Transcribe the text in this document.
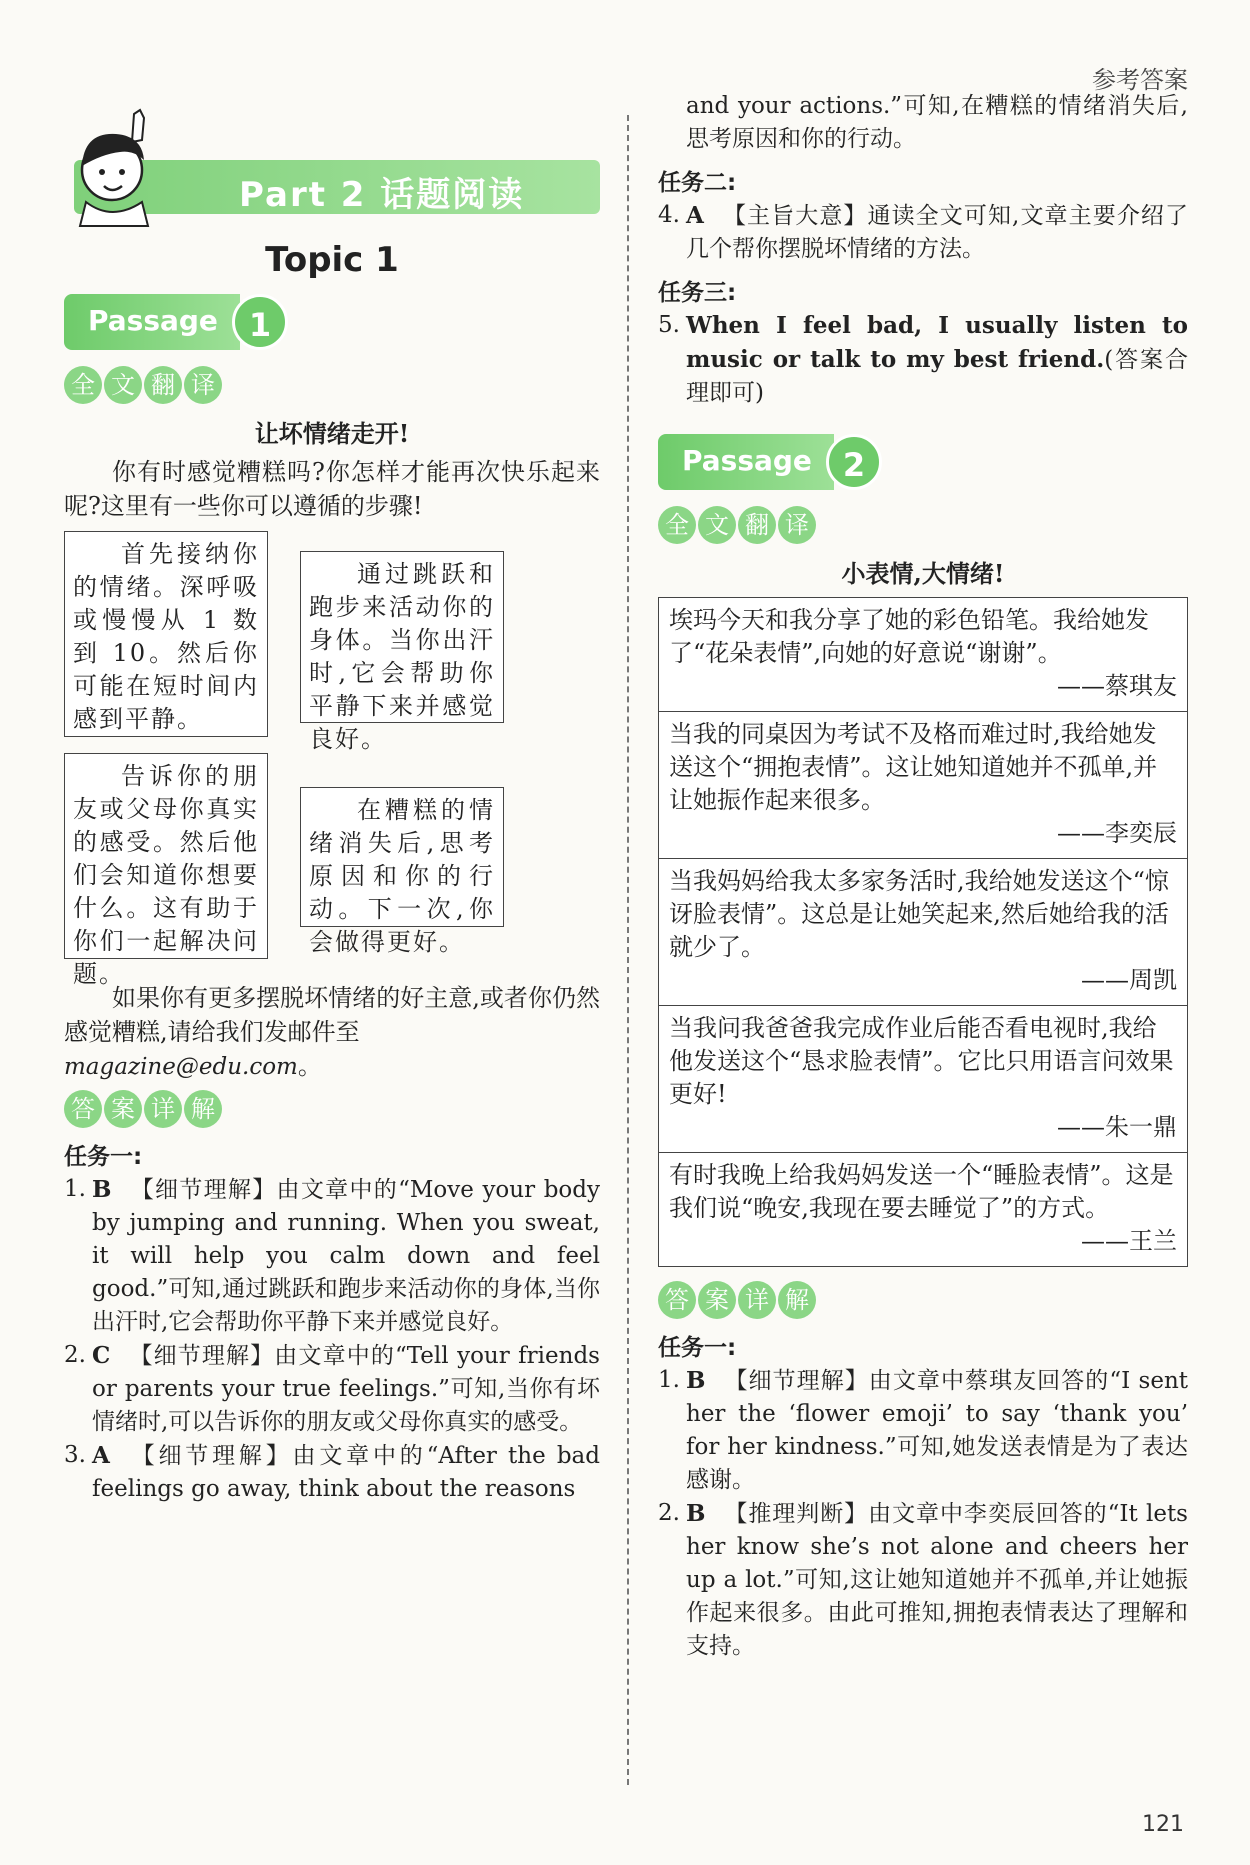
参考答案
Part 2 话题阅读
Topic 1
Passage 1
全 文 翻 译
让坏情绪走开!

你有时感觉糟糕吗?你怎样才能再次快乐起来呢?这里有一些你可以遵循的步骤!

首先接纳你的情绪。深呼吸或慢慢从 1 数到 10。然后你可能在短时间内感到平静。

通过跳跃和跑步来活动你的身体。当你出汗时,它会帮助你平静下来并感觉良好。

告诉你的朋友或父母你真实的感受。然后他们会知道你想要什么。这有助于你们一起解决问题。

在糟糕的情绪消失后,思考原因和你的行动。下一次,你会做得更好。

如果你有更多摆脱坏情绪的好主意,或者你仍然感觉糟糕,请给我们发邮件至

magazine@edu.com。

答 案 详 解
任务一:
1. B 【细节理解】由文章中的“Move your body by jumping and running. When you sweat, it will help you calm down and feel good.”可知,通过跳跃和跑步来活动你的身体,当你出汗时,它会帮助你平静下来并感觉良好。
2. C 【细节理解】由文章中的“Tell your friends or parents your true feelings.”可知,当你有坏情绪时,可以告诉你的朋友或父母你真实的感受。
3. A 【细节理解】由文章中的“After the bad feelings go away, think about the reasons
and your actions.”可知,在糟糕的情绪消失后,思考原因和你的行动。
任务二:
4. A 【主旨大意】通读全文可知,文章主要介绍了几个帮你摆脱坏情绪的方法。
任务三:
5. When I feel bad, I usually listen to music or talk to my best friend.(答案合理即可)
Passage 2
全 文 翻 译
小表情,大情绪!
埃玛今天和我分享了她的彩色铅笔。我给她发了“花朵表情”,向她的好意说“谢谢”。
——蔡琪友
当我的同桌因为考试不及格而难过时,我给她发送这个“拥抱表情”。这让她知道她并不孤单,并让她振作起来很多。
——李奕辰
当我妈妈给我太多家务活时,我给她发送这个“惊讶脸表情”。这总是让她笑起来,然后她给我的活就少了。
——周凯
当我问我爸爸我完成作业后能否看电视时,我给他发送这个“恳求脸表情”。它比只用语言问效果更好!
——朱一鼎
有时我晚上给我妈妈发送一个“睡脸表情”。这是我们说“晚安,我现在要去睡觉了”的方式。
——王兰
答 案 详 解
任务一:
1. B 【细节理解】由文章中蔡琪友回答的“I sent her the ‘flower emoji’ to say ‘thank you’ for her kindness.”可知,她发送表情是为了表达感谢。
2. B 【推理判断】由文章中李奕辰回答的“It lets her know she’s not alone and cheers her up a lot.”可知,这让她知道她并不孤单,并让她振作起来很多。由此可推知,拥抱表情表达了理解和支持。
121
